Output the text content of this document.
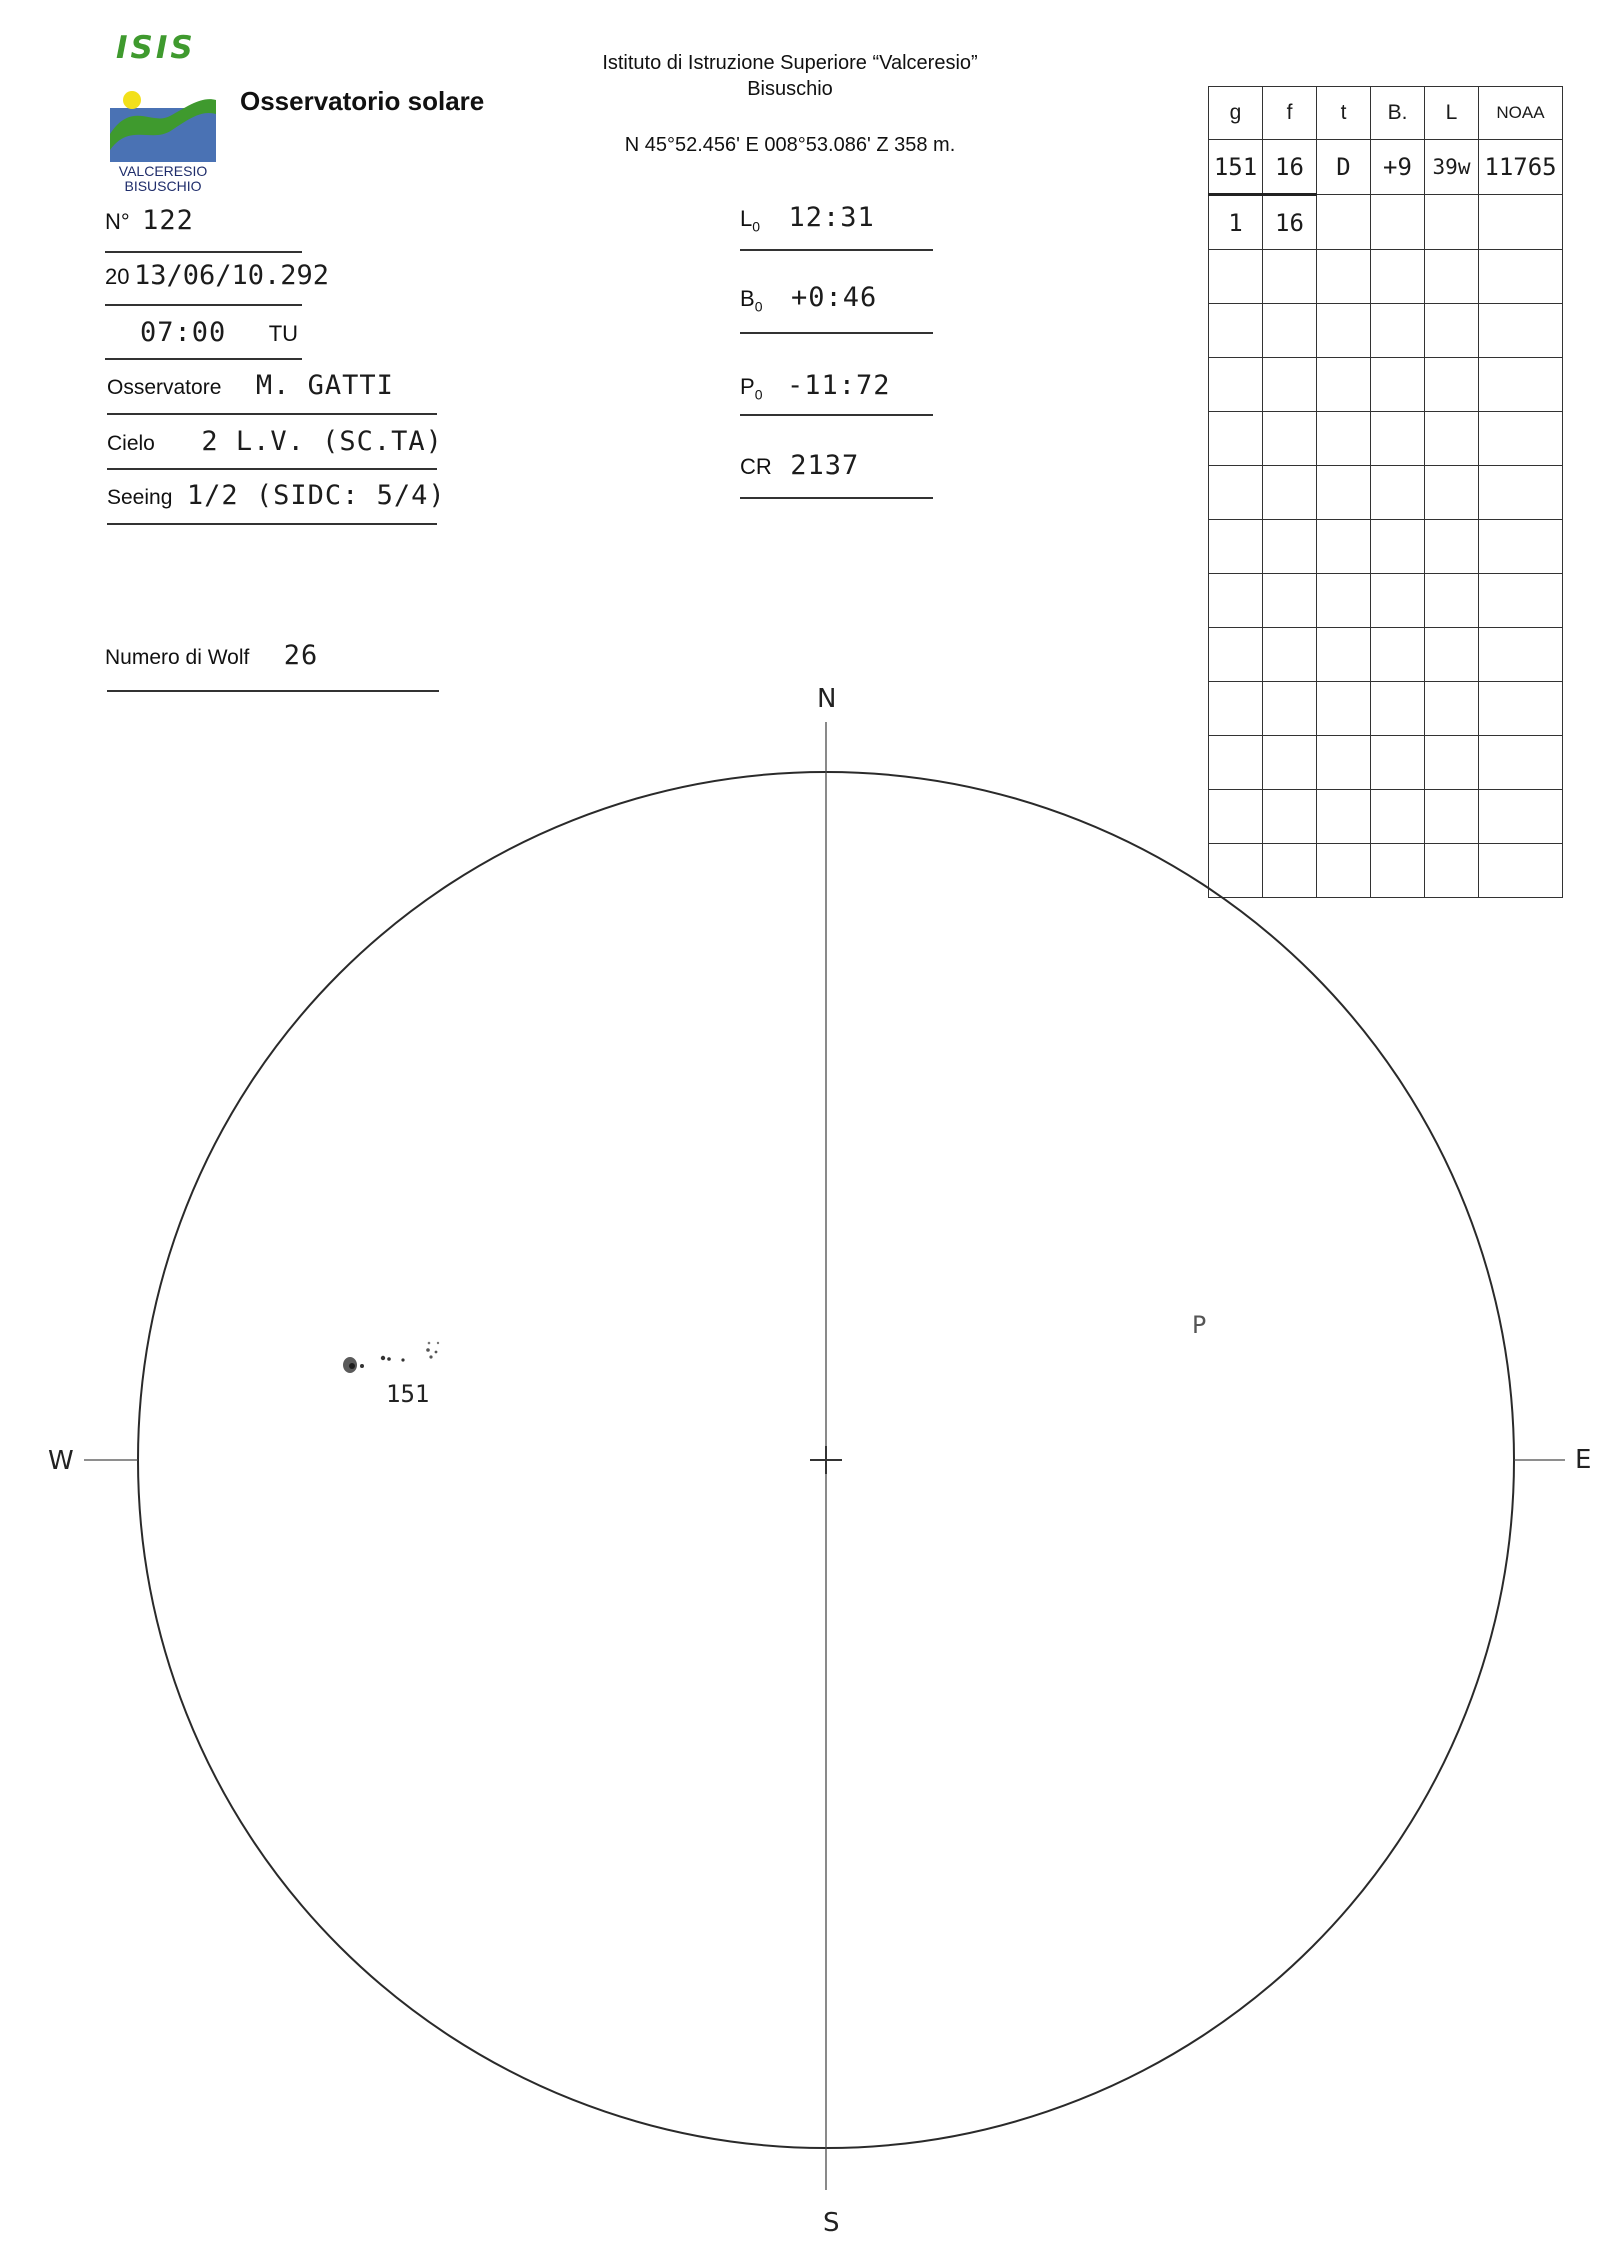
ISIS
VALCERESIO
BISUSCHIO
Osservatorio solare
Istituto di Istruzione Superiore “Valceresio”
Bisuschio
N 45°52.456' E 008°53.086' Z 358 m.
N° 122
20 13/06/10.292
07:00 TU
Osservatore M. GATTI
Cielo 2 L.V. (SC.TA)
Seeing 1/2 (SIDC: 5/4)
Numero di Wolf 26
$L_0$ 12:31
$B_0$ +0:46
$P_0$ -11:72
CR 2137
g	f	t	B.	L	NOAA
151	16	D	+9	39w	11765
1	16				

N
S
E
W
151
P
